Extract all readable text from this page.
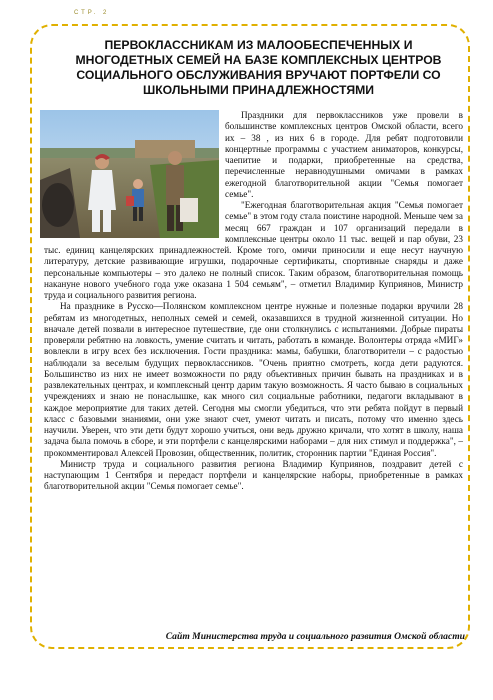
СТР. 2
ПЕРВОКЛАССНИКАМ ИЗ МАЛООБЕСПЕЧЕННЫХ И МНОГОДЕТНЫХ СЕМЕЙ НА БАЗЕ КОМПЛЕКСНЫХ ЦЕНТРОВ СОЦИАЛЬНОГО ОБСЛУЖИВАНИЯ ВРУЧАЮТ ПОРТФЕЛИ СО ШКОЛЬНЫМИ ПРИНАДЛЕЖНОСТЯМИ

Праздники для первоклассников уже провели в большинстве комплексных центров Омской области, всего их – 38 , из них 6 в городе. Для ребят подготовили концертные программы с участием аниматоров, конкурсы, чаепитие и подарки, приобретенные на средства, перечисленные неравнодушными омичами в рамках ежегодной благотворительной акции "Семья помогает семье".

"Ежегодная благотворительная акция "Семья помогает семье" в этом году стала поистине народной. Меньше чем за месяц 667 граждан и 107 организаций передали в комплексные центры около 11 тыс. вещей и пар обуви, 23 тыс. единиц канцелярских принадлежностей. Кроме того, омичи приносили и еще несут научную литературу, детские развивающие игрушки, подарочные сертификаты, спортивные снаряды и даже персональные компьютеры – это далеко не полный список. Таким образом, благотворительная помощь накануне нового учебного года уже оказана 1 504 семьям", – отметил Владимир Куприянов, Министр труда и социального развития региона.

На празднике в Русско—Полянском комплексном центре нужные и полезные подарки вручили 28 ребятам из многодетных, неполных семей и семей, оказавшихся в трудной жизненной ситуации. Но вначале детей позвали в интересное путешествие, где они столкнулись с испытаниями. Добрые пираты проверяли ребятню на ловкость, умение считать и читать, работать в команде. Волонтеры отряда «МИГ» вовлекли в игру всех без исключения. Гости праздника: мамы, бабушки, благотворители – с радостью наблюдали за веселым будущих первоклассников. "Очень приятно смотреть, когда дети радуются. Большинство из них не имеет возможности по ряду объективных причин бывать на праздниках и в развлекательных центрах, и комплексный центр дарим такую возможность. Я часто бываю в социальных учреждениях и знаю не понаслышке, как много сил социальные работники, педагоги вкладывают в каждое мероприятие для таких детей. Сегодня мы смогли убедиться, что эти ребята пойдут в первый класс с базовыми знаниями, они уже знают счет, умеют читать и писать, потому что именно здесь научили. Уверен, что эти дети будут хорошо учиться, они ведь дружно кричали, что хотят в школу, наша задача была помочь в сборе, и эти портфели с канцелярскими наборами – для них стимул и поддержка", – прокомментировал Алексей Провозин, общественник, политик, сторонник партии "Единая Россия".

Министр труда и социального развития региона Владимир Куприянов, поздравит детей с наступающим 1 Сентября и передаст портфели и канцелярские наборы, приобретенные в рамках благотворительной акции "Семья помогает семье".

Сайт Министерства труда и социального развития Омской области
